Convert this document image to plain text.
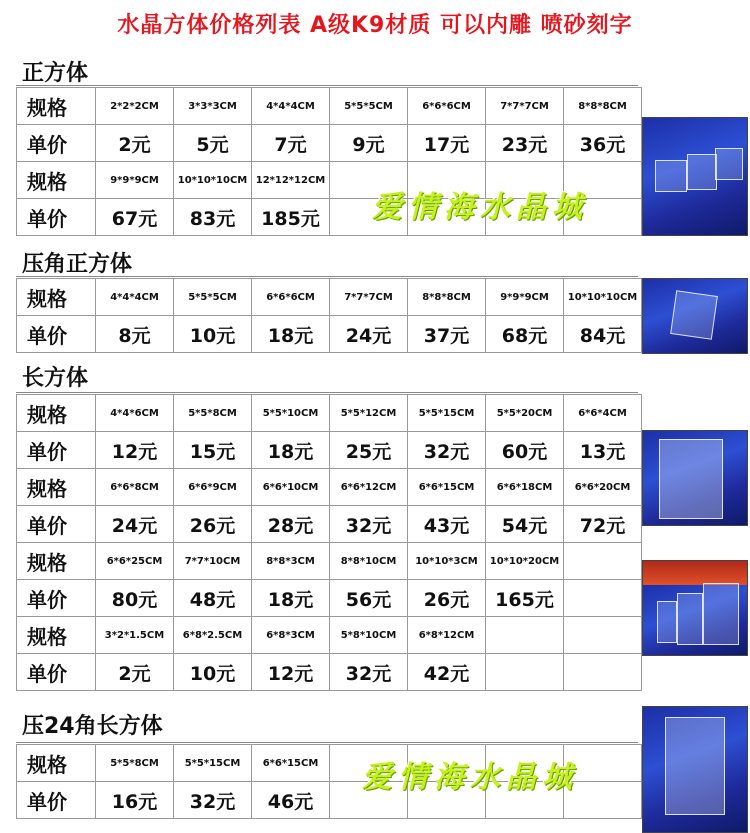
水晶方体价格列表 A级K9材质 可以内雕 喷砂刻字
正方体
规格	2*2*2CM	3*3*3CM	4*4*4CM	5*5*5CM	6*6*6CM	7*7*7CM	8*8*8CM
单价	2元	5元	7元	9元	17元	23元	36元
规格	9*9*9CM	10*10*10CM	12*12*12CM				
单价	67元	83元	185元				
压角正方体
规格	4*4*4CM	5*5*5CM	6*6*6CM	7*7*7CM	8*8*8CM	9*9*9CM	10*10*10CM
单价	8元	10元	18元	24元	37元	68元	84元
长方体
规格	4*4*6CM	5*5*8CM	5*5*10CM	5*5*12CM	5*5*15CM	5*5*20CM	6*6*4CM
单价	12元	15元	18元	25元	32元	60元	13元
规格	6*6*8CM	6*6*9CM	6*6*10CM	6*6*12CM	6*6*15CM	6*6*18CM	6*6*20CM
单价	24元	26元	28元	32元	43元	54元	72元
规格	6*6*25CM	7*7*10CM	8*8*3CM	8*8*10CM	10*10*3CM	10*10*20CM	
单价	80元	48元	18元	56元	26元	165元	
规格	3*2*1.5CM	6*8*2.5CM	6*8*3CM	5*8*10CM	6*8*12CM		
单价	2元	10元	12元	32元	42元		
压24角长方体
规格	5*5*8CM	5*5*15CM	6*6*15CM				
单价	16元	32元	46元				
爱情海水晶城
爱情海水晶城
